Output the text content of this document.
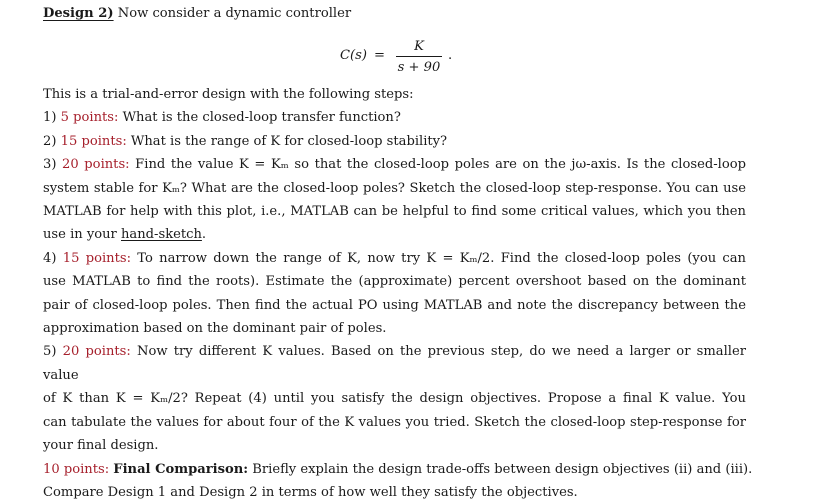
Design 2) Now consider a dynamic controller
C(s) =
K
s + 90
.
This is a trial-and-error design with the following steps:
1) 5 points: What is the closed-loop transfer function?
2) 15 points: What is the range of K for closed-loop stability?
3) 20 points: Find the value K = Kₘ so that the closed-loop poles are on the jω-axis. Is the closed-loop
system stable for Kₘ? What are the closed-loop poles? Sketch the closed-loop step-response. You can use
MATLAB for help with this plot, i.e., MATLAB can be helpful to find some critical values, which you then
use in your hand-sketch.
4) 15 points: To narrow down the range of K, now try K = Kₘ/2. Find the closed-loop poles (you can
use MATLAB to find the roots). Estimate the (approximate) percent overshoot based on the dominant
pair of closed-loop poles. Then find the actual PO using MATLAB and note the discrepancy between the
approximation based on the dominant pair of poles.
5) 20 points: Now try different K values. Based on the previous step, do we need a larger or smaller value
of K than K = Kₘ/2? Repeat (4) until you satisfy the design objectives. Propose a final K value. You
can tabulate the values for about four of the K values you tried. Sketch the closed-loop step-response for
your final design.
10 points: Final Comparison: Briefly explain the design trade-offs between design objectives (ii) and (iii).
Compare Design 1 and Design 2 in terms of how well they satisfy the objectives.
